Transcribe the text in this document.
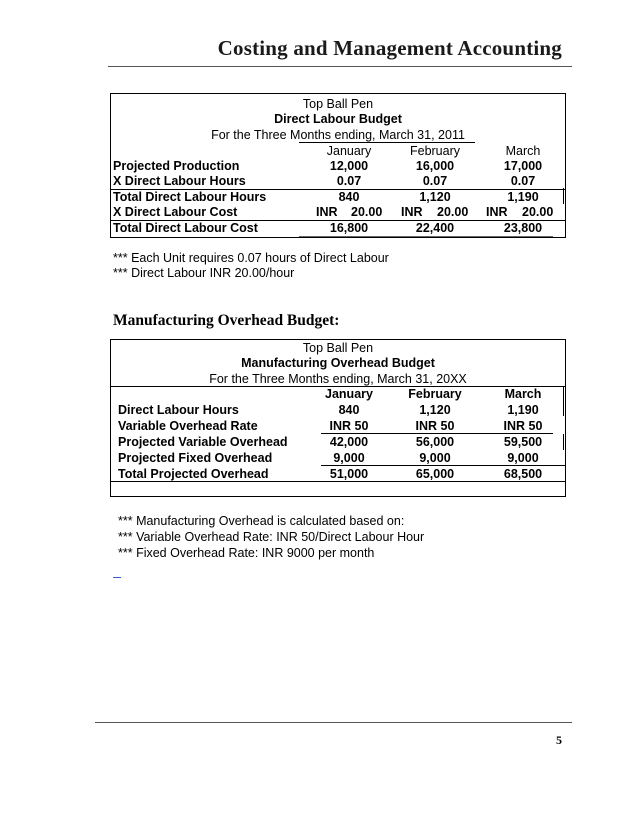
Costing and Management Accounting
Top Ball Pen
Direct Labour Budget
For the Three Months ending, March 31, 2011
January	February	March
Projected Production	12,000	16,000	17,000
X Direct Labour Hours	0.07	0.07	0.07
Total Direct Labour Hours	840	1,120	1,190
X Direct Labour Cost	INR 20.00 INR 20.00 INR 20.00
Total Direct Labour Cost	16,800	22,400	23,800
*** Each Unit requires 0.07 hours of Direct Labour
*** Direct Labour INR 20.00/hour
Manufacturing Overhead Budget:
Top Ball Pen
Manufacturing Overhead Budget
For the Three Months ending, March 31, 20XX
January	February	March
Direct Labour Hours	840	1,120	1,190
Variable Overhead Rate	INR 50	INR 50	INR 50
Projected Variable Overhead	42,000	56,000	59,500
Projected Fixed Overhead	9,000	9,000	9,000
Total Projected Overhead	51,000	65,000	68,500
*** Manufacturing Overhead is calculated based on:
*** Variable Overhead Rate: INR 50/Direct Labour Hour
*** Fixed Overhead Rate: INR 9000 per month
5
